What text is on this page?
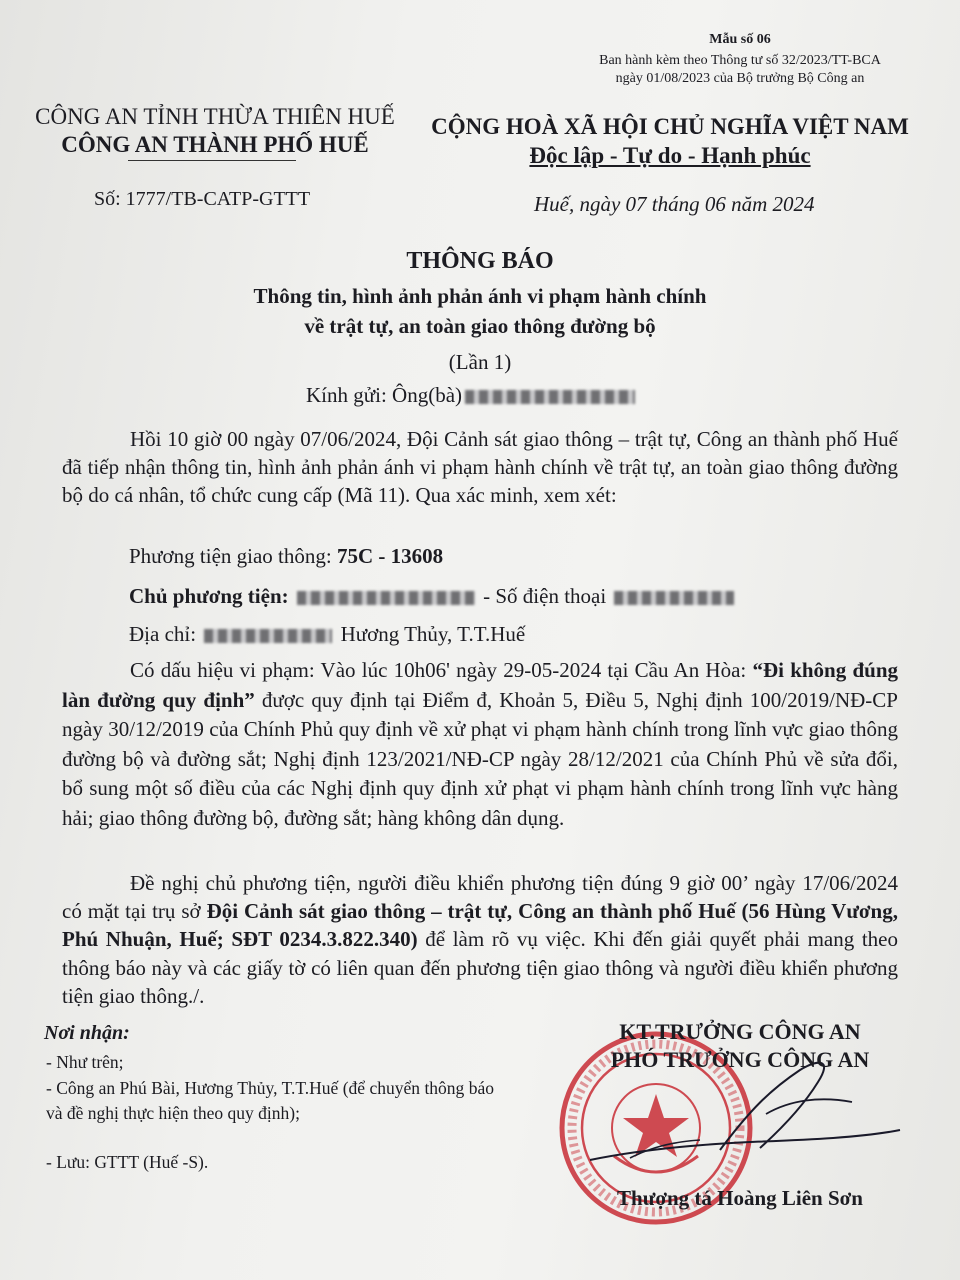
Mẫu số 06
Ban hành kèm theo Thông tư số 32/2023/TT-BCA
ngày 01/08/2023 của Bộ trưởng Bộ Công an
CÔNG AN TỈNH THỪA THIÊN HUẾ
CÔNG AN THÀNH PHỐ HUẾ
CỘNG HOÀ XÃ HỘI CHỦ NGHĨA VIỆT NAM
Độc lập - Tự do - Hạnh phúc
Số: 1777/TB-CATP-GTTT	Huế, ngày 07 tháng 06 năm 2024
THÔNG BÁO
Thông tin, hình ảnh phản ánh vi phạm hành chính
về trật tự, an toàn giao thông đường bộ
(Lần 1)
Kính gửi: Ông(bà)
Hồi 10 giờ 00 ngày 07/06/2024, Đội Cảnh sát giao thông – trật tự, Công an thành phố Huế đã tiếp nhận thông tin, hình ảnh phản ánh vi phạm hành chính về trật tự, an toàn giao thông đường bộ do cá nhân, tổ chức cung cấp (Mã 11). Qua xác minh, xem xét:
Phương tiện giao thông: 75C - 13608
Chủ phương tiện:	- Số điện thoại
Địa chỉ:	Hương Thủy, T.T.Huế
Có dấu hiệu vi phạm: Vào lúc 10h06' ngày 29-05-2024 tại Cầu An Hòa: “Đi không đúng làn đường quy định” được quy định tại Điểm đ, Khoản 5, Điều 5, Nghị định 100/2019/NĐ-CP ngày 30/12/2019 của Chính Phủ quy định về xử phạt vi phạm hành chính trong lĩnh vực giao thông đường bộ và đường sắt; Nghị định 123/2021/NĐ-CP ngày 28/12/2021 của Chính Phủ về sửa đổi, bổ sung một số điều của các Nghị định quy định xử phạt vi phạm hành chính trong lĩnh vực hàng hải; giao thông đường bộ, đường sắt; hàng không dân dụng.
Đề nghị chủ phương tiện, người điều khiển phương tiện đúng 9 giờ 00’ ngày 17/06/2024 có mặt tại trụ sở Đội Cảnh sát giao thông – trật tự, Công an thành phố Huế (56 Hùng Vương, Phú Nhuận, Huế; SĐT 0234.3.822.340) để làm rõ vụ việc. Khi đến giải quyết phải mang theo thông báo này và các giấy tờ có liên quan đến phương tiện giao thông và người điều khiển phương tiện giao thông./.
Nơi nhận:
- Như trên;
- Công an Phú Bài, Hương Thủy, T.T.Huế (để chuyển thông báo và đề nghị thực hiện theo quy định);
- Lưu: GTTT (Huế -S).
KT.TRƯỞNG CÔNG AN
PHÓ TRƯỞNG CÔNG AN
Thượng tá Hoàng Liên Sơn
